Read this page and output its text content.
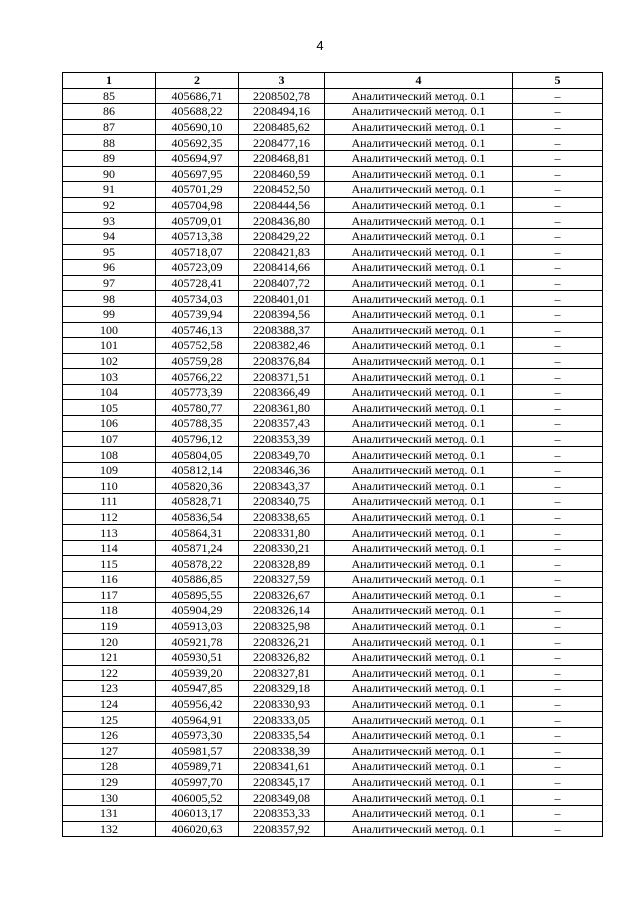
4
1	2	3	4	5
85	405686,71	2208502,78	Аналитический метод. 0.1	–
86	405688,22	2208494,16	Аналитический метод. 0.1	–
87	405690,10	2208485,62	Аналитический метод. 0.1	–
88	405692,35	2208477,16	Аналитический метод. 0.1	–
89	405694,97	2208468,81	Аналитический метод. 0.1	–
90	405697,95	2208460,59	Аналитический метод. 0.1	–
91	405701,29	2208452,50	Аналитический метод. 0.1	–
92	405704,98	2208444,56	Аналитический метод. 0.1	–
93	405709,01	2208436,80	Аналитический метод. 0.1	–
94	405713,38	2208429,22	Аналитический метод. 0.1	–
95	405718,07	2208421,83	Аналитический метод. 0.1	–
96	405723,09	2208414,66	Аналитический метод. 0.1	–
97	405728,41	2208407,72	Аналитический метод. 0.1	–
98	405734,03	2208401,01	Аналитический метод. 0.1	–
99	405739,94	2208394,56	Аналитический метод. 0.1	–
100	405746,13	2208388,37	Аналитический метод. 0.1	–
101	405752,58	2208382,46	Аналитический метод. 0.1	–
102	405759,28	2208376,84	Аналитический метод. 0.1	–
103	405766,22	2208371,51	Аналитический метод. 0.1	–
104	405773,39	2208366,49	Аналитический метод. 0.1	–
105	405780,77	2208361,80	Аналитический метод. 0.1	–
106	405788,35	2208357,43	Аналитический метод. 0.1	–
107	405796,12	2208353,39	Аналитический метод. 0.1	–
108	405804,05	2208349,70	Аналитический метод. 0.1	–
109	405812,14	2208346,36	Аналитический метод. 0.1	–
110	405820,36	2208343,37	Аналитический метод. 0.1	–
111	405828,71	2208340,75	Аналитический метод. 0.1	–
112	405836,54	2208338,65	Аналитический метод. 0.1	–
113	405864,31	2208331,80	Аналитический метод. 0.1	–
114	405871,24	2208330,21	Аналитический метод. 0.1	–
115	405878,22	2208328,89	Аналитический метод. 0.1	–
116	405886,85	2208327,59	Аналитический метод. 0.1	–
117	405895,55	2208326,67	Аналитический метод. 0.1	–
118	405904,29	2208326,14	Аналитический метод. 0.1	–
119	405913,03	2208325,98	Аналитический метод. 0.1	–
120	405921,78	2208326,21	Аналитический метод. 0.1	–
121	405930,51	2208326,82	Аналитический метод. 0.1	–
122	405939,20	2208327,81	Аналитический метод. 0.1	–
123	405947,85	2208329,18	Аналитический метод. 0.1	–
124	405956,42	2208330,93	Аналитический метод. 0.1	–
125	405964,91	2208333,05	Аналитический метод. 0.1	–
126	405973,30	2208335,54	Аналитический метод. 0.1	–
127	405981,57	2208338,39	Аналитический метод. 0.1	–
128	405989,71	2208341,61	Аналитический метод. 0.1	–
129	405997,70	2208345,17	Аналитический метод. 0.1	–
130	406005,52	2208349,08	Аналитический метод. 0.1	–
131	406013,17	2208353,33	Аналитический метод. 0.1	–
132	406020,63	2208357,92	Аналитический метод. 0.1	–
